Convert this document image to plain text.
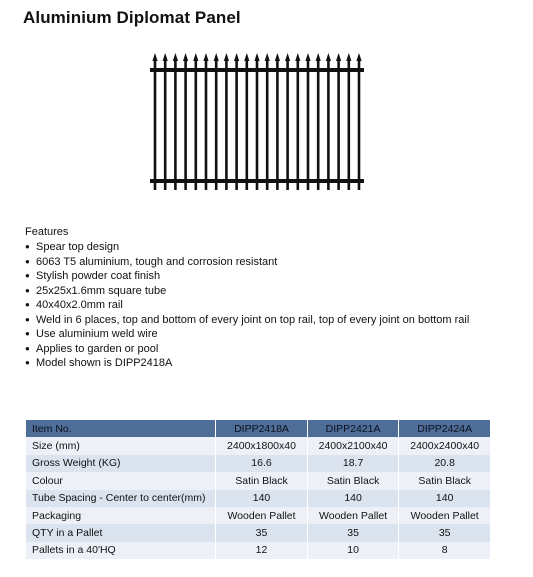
Aluminium Diplomat Panel
Features
● Spear top design
● 6063 T5 aluminium, tough and corrosion resistant
● Stylish powder coat finish
● 25x25x1.6mm square tube
● 40x40x2.0mm rail
● Weld in 6 places, top and bottom of every joint on top rail, top of every joint on bottom rail
● Use aluminium weld wire
● Applies to garden or pool
● Model shown is DIPP2418A
Item No.	DIPP2418A	DIPP2421A	DIPP2424A
Size (mm)	2400x1800x40	2400x2100x40	2400x2400x40
Gross Weight (KG)	16.6	18.7	20.8
Colour	Satin Black	Satin Black	Satin Black
Tube Spacing - Center to center(mm)	140	140	140
Packaging	Wooden Pallet	Wooden Pallet	Wooden Pallet
QTY in a Pallet	35	35	35
Pallets in a 40'HQ	12	10	8
